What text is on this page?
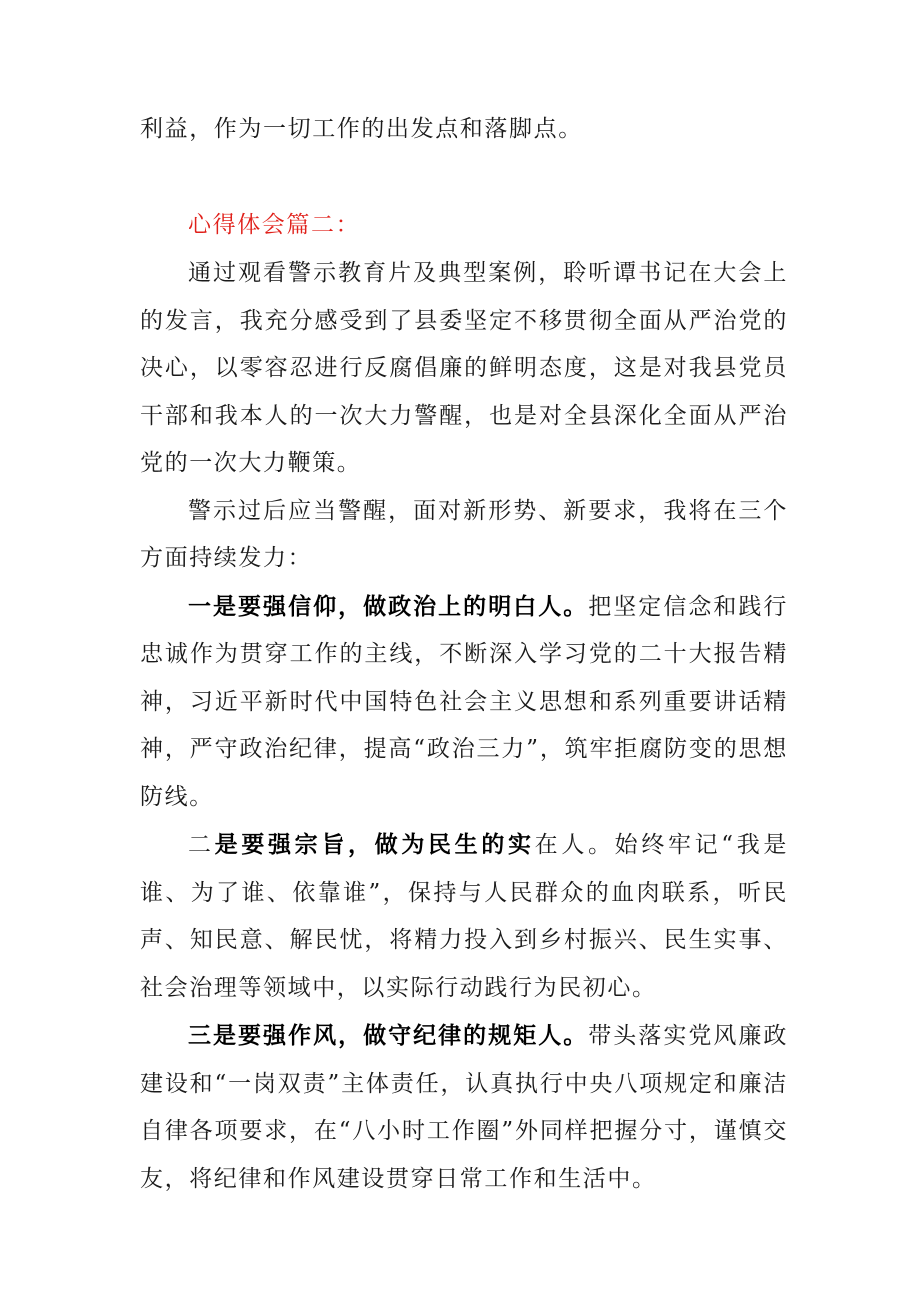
利益，作为一切工作的出发点和落脚点。
心得体会篇二：

通过观看警示教育片及典型案例，聆听谭书记在大会上的发言，我充分感受到了县委坚定不移贯彻全面从严治党的决心，以零容忍进行反腐倡廉的鲜明态度，这是对我县党员干部和我本人的一次大力警醒，也是对全县深化全面从严治党的一次大力鞭策。

警示过后应当警醒，面对新形势、新要求，我将在三个方面持续发力：

一是要强信仰，做政治上的明白人。把坚定信念和践行忠诚作为贯穿工作的主线，不断深入学习党的二十大报告精神，习近平新时代中国特色社会主义思想和系列重要讲话精神，严守政治纪律，提高“政治三力”，筑牢拒腐防变的思想防线。

二是要强宗旨，做为民生的实在人。始终牢记“我是谁、为了谁、依靠谁”，保持与人民群众的血肉联系，听民声、知民意、解民忧，将精力投入到乡村振兴、民生实事、社会治理等领域中，以实际行动践行为民初心。

三是要强作风，做守纪律的规矩人。带头落实党风廉政建设和“一岗双责”主体责任，认真执行中央八项规定和廉洁自律各项要求，在“八小时工作圈”外同样把握分寸，谨慎交友，将纪律和作风建设贯穿日常工作和生活中。
